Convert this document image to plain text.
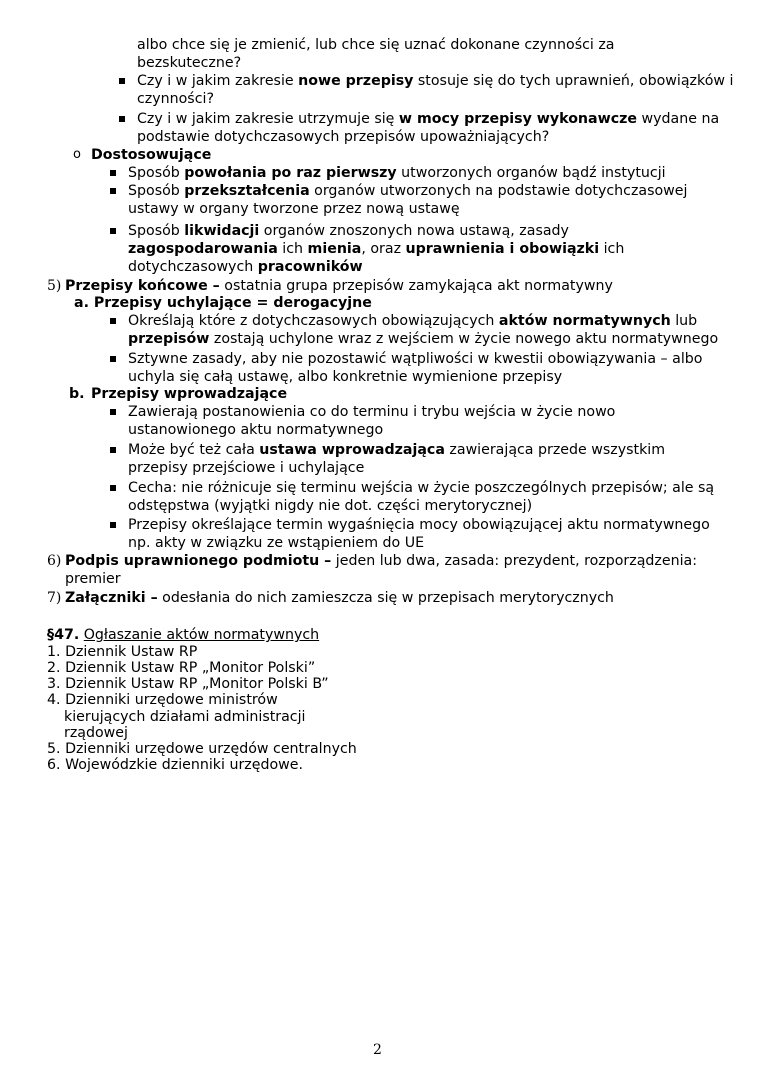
albo chce się je zmienić, lub chce się uznać dokonane czynności za
bezskuteczne?
Czy i w jakim zakresie nowe przepisy stosuje się do tych uprawnień, obowiązków i
czynności?
Czy i w jakim zakresie utrzymuje się w mocy przepisy wykonawcze wydane na
podstawie dotychczasowych przepisów upoważniających?
o Dostosowujące
Sposób powołania po raz pierwszy utworzonych organów bądź instytucji
Sposób przekształcenia organów utworzonych na podstawie dotychczasowej
ustawy w organy tworzone przez nową ustawę
Sposób likwidacji organów znoszonych nowa ustawą, zasady
zagospodarowania ich mienia, oraz uprawnienia i obowiązki ich
dotychczasowych pracowników
5) Przepisy końcowe – ostatnia grupa przepisów zamykająca akt normatywny
a. Przepisy uchylające = derogacyjne
Określają które z dotychczasowych obowiązujących aktów normatywnych lub
przepisów zostają uchylone wraz z wejściem w życie nowego aktu normatywnego
Sztywne zasady, aby nie pozostawić wątpliwości w kwestii obowiązywania – albo
uchyla się całą ustawę, albo konkretnie wymienione przepisy
b. Przepisy wprowadzające
Zawierają postanowienia co do terminu i trybu wejścia w życie nowo
ustanowionego aktu normatywnego
Może być też cała ustawa wprowadzająca zawierająca przede wszystkim
przepisy przejściowe i uchylające
Cecha: nie różnicuje się terminu wejścia w życie poszczególnych przepisów; ale są
odstępstwa (wyjątki nigdy nie dot. części merytorycznej)
Przepisy określające termin wygaśnięcia mocy obowiązującej aktu normatywnego
np. akty w związku ze wstąpieniem do UE
6) Podpis uprawnionego podmiotu – jeden lub dwa, zasada: prezydent, rozporządzenia:
premier
7) Załączniki – odesłania do nich zamieszcza się w przepisach merytorycznych
§47. Ogłaszanie aktów normatywnych
1. Dziennik Ustaw RP
2. Dziennik Ustaw RP „Monitor Polski”
3. Dziennik Ustaw RP „Monitor Polski B”
4. Dzienniki urzędowe ministrów
kierujących działami administracji
rządowej
5. Dzienniki urzędowe urzędów centralnych
6. Wojewódzkie dzienniki urzędowe.
2
